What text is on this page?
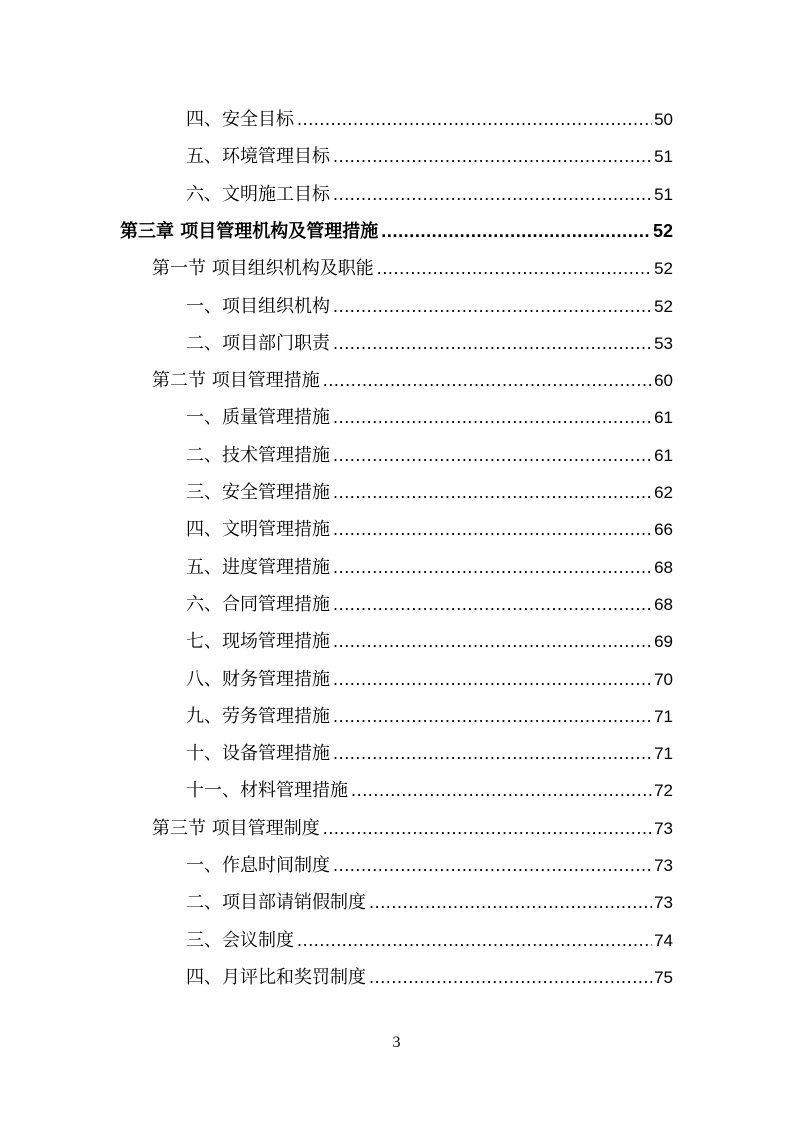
四、安全目标 .....	50
五、环境管理目标 .....	51
六、文明施工目标 .....	51
第三章 项目管理机构及管理措施 .....	52
第一节 项目组织机构及职能 .....	52
一、项目组织机构 .....	52
二、项目部门职责 .....	53
第二节 项目管理措施 .....	60
一、质量管理措施 .....	61
二、技术管理措施 .....	61
三、安全管理措施 .....	62
四、文明管理措施 .....	66
五、进度管理措施 .....	68
六、合同管理措施 .....	68
七、现场管理措施 .....	69
八、财务管理措施 .....	70
九、劳务管理措施 .....	71
十、设备管理措施 .....	71
十一、材料管理措施 .....	72
第三节 项目管理制度 .....	73
一、作息时间制度 .....	73
二、项目部请销假制度 .....	73
三、会议制度 .....	74
四、月评比和奖罚制度 .....	75
3
